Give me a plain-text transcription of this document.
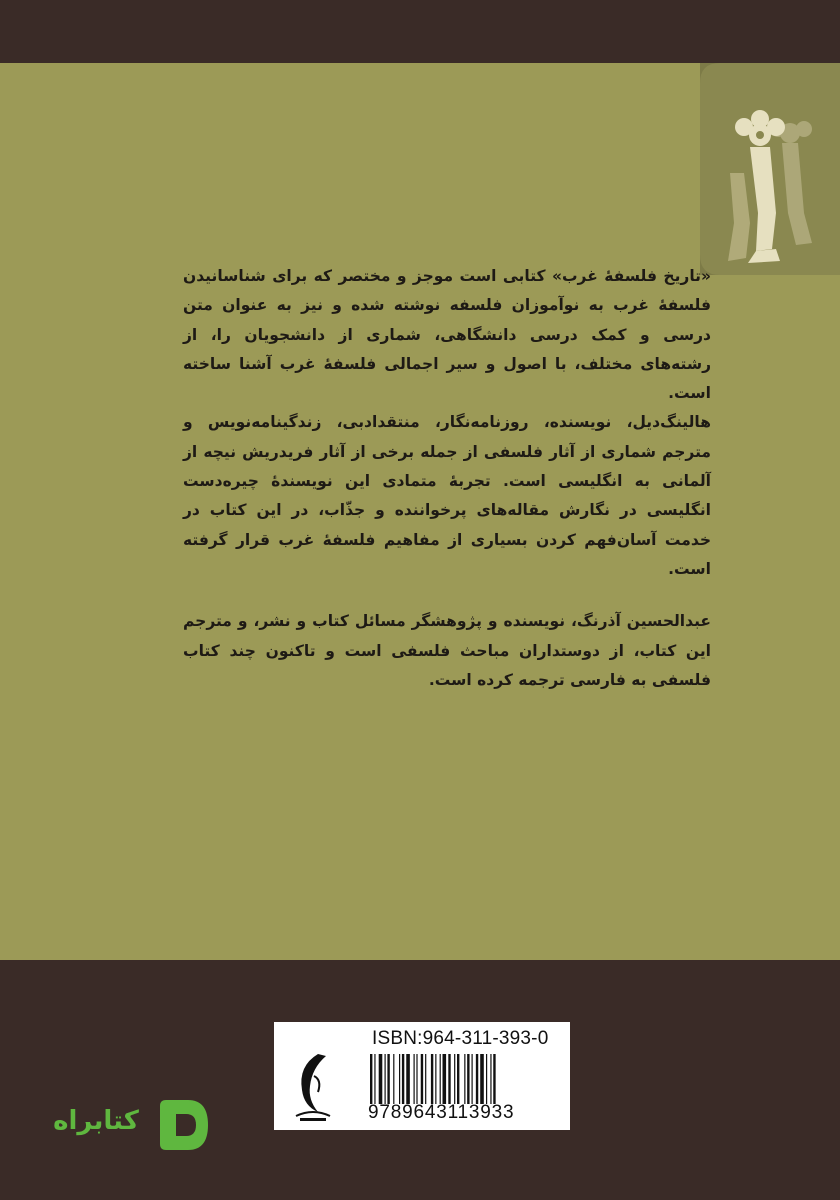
«تاریخ فلسفهٔ غرب» کتابی است موجز و مختصر که برای شناسانیدن فلسفهٔ غرب به نوآموزان فلسفه نوشته شده و نیز به عنوان متن درسی و کمک درسی دانشگاهی، شماری از دانشجویان را، از رشته‌های مختلف، با اصول و سیر اجمالی فلسفهٔ غرب آشنا ساخته است.

هالینگ‌دیل، نویسنده، روزنامه‌نگار، منتقدادبی، زندگینامه‌نویس و مترجم شماری از آثار فلسفی از جمله برخی از آثار فریدریش نیچه از آلمانی به انگلیسی است. تجربهٔ متمادی این نویسندهٔ چیره‌دست انگلیسی در نگارش مقاله‌های پرخواننده و جذّاب، در این کتاب در خدمت آسان‌فهم کردن بسیاری از مفاهیم فلسفهٔ غرب قرار گرفته است.

عبدالحسین آذرنگ، نویسنده و پژوهشگر مسائل کتاب و نشر، و مترجم این کتاب، از دوستداران مباحث فلسفی است و تاکنون چند کتاب فلسفی به فارسی ترجمه کرده است.

ISBN:964-311-393-0
9789643113933
کتابراه
